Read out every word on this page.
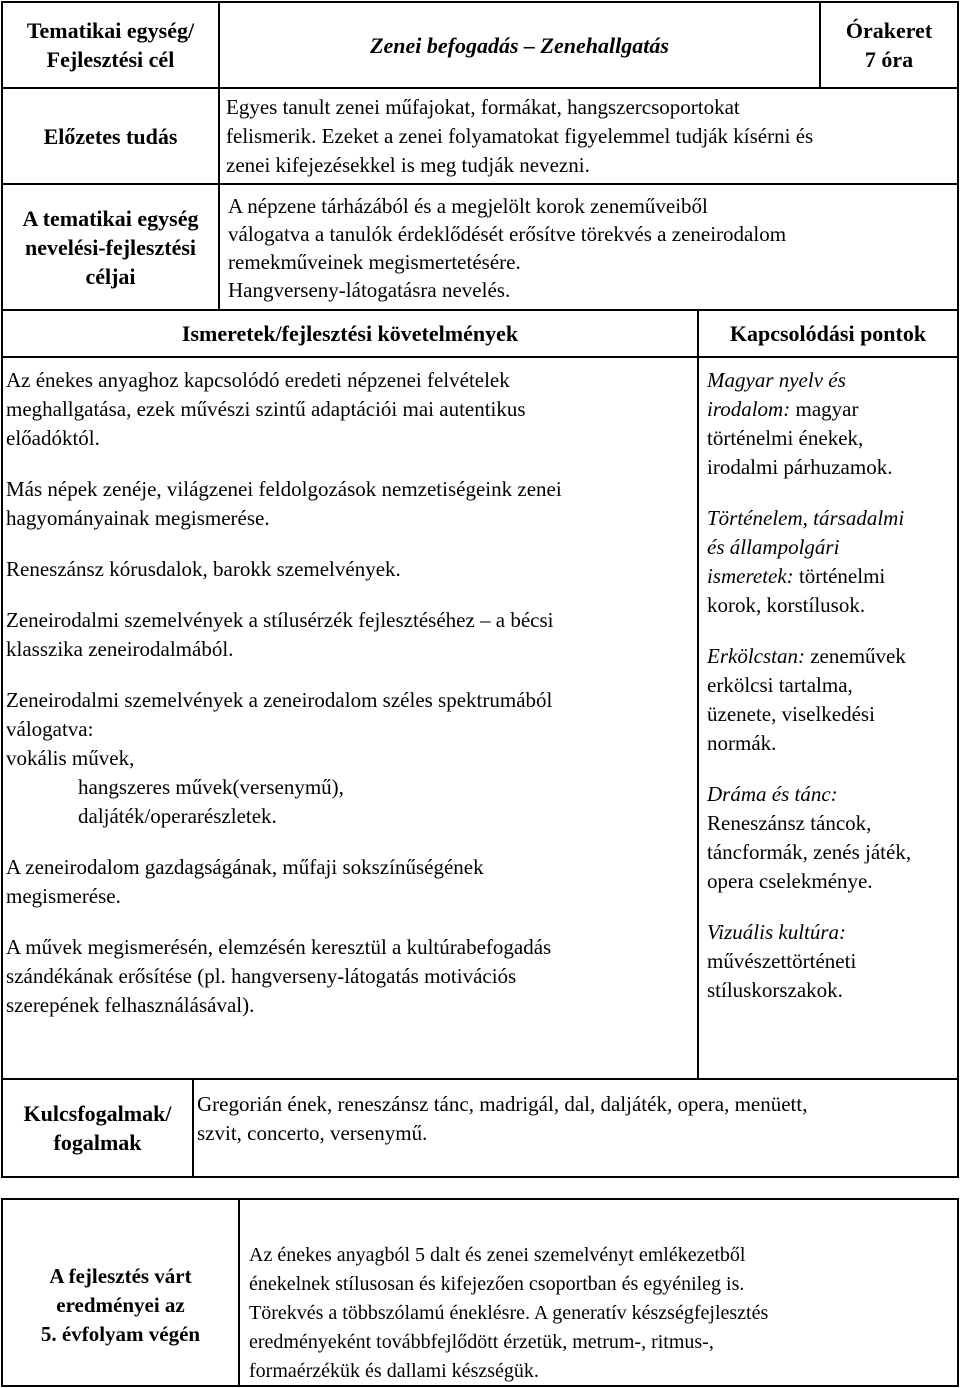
Tematikai egység/
Fejlesztési cél
Zenei befogadás – Zenehallgatás
Órakeret
7 óra
Előzetes tudás
Egyes tanult zenei műfajokat, formákat, hangszercsoportokat
felismerik. Ezeket a zenei folyamatokat figyelemmel tudják kísérni és
zenei kifejezésekkel is meg tudják nevezni.
A tematikai egység
nevelési-fejlesztési
céljai
A népzene tárházából és a megjelölt korok zeneműveiből
válogatva a tanulók érdeklődését erősítve törekvés a zeneirodalom
remekműveinek megismertetésére.
Hangverseny-látogatásra nevelés.
Ismeretek/fejlesztési követelmények	Kapcsolódási pontok
Az énekes anyaghoz kapcsolódó eredeti népzenei felvételek
meghallgatása, ezek művészi szintű adaptációi mai autentikus
előadóktól.
Más népek zenéje, világzenei feldolgozások nemzetiségeink zenei
hagyományainak megismerése.
Reneszánsz kórusdalok, barokk szemelvények.
Zeneirodalmi szemelvények a stílusérzék fejlesztéséhez – a bécsi
klasszika zeneirodalmából.
Zeneirodalmi szemelvények a zeneirodalom széles spektrumából
válogatva:
vokális művek,
hangszeres művek(versenymű),
daljáték/operarészletek.
A zeneirodalom gazdagságának, műfaji sokszínűségének
megismerése.
A művek megismerésén, elemzésén keresztül a kultúrabefogadás
szándékának erősítése (pl. hangverseny-látogatás motivációs
szerepének felhasználásával).
Magyar nyelv és
irodalom: magyar
történelmi énekek,
irodalmi párhuzamok.
Történelem, társadalmi
és állampolgári
ismeretek: történelmi
korok, korstílusok.
Erkölcstan: zeneművek
erkölcsi tartalma,
üzenete, viselkedési
normák.
Dráma és tánc:
Reneszánsz táncok,
táncformák, zenés játék,
opera cselekménye.
Vizuális kultúra:
művészettörténeti
stíluskorszakok.
Kulcsfogalmak/
fogalmak
Gregorián ének, reneszánsz tánc, madrigál, dal, daljáték, opera, menüett,
szvit, concerto, versenymű.
A fejlesztés várt
eredményei az
5. évfolyam végén
Az énekes anyagból 5 dalt és zenei szemelvényt emlékezetből
énekelnek stílusosan és kifejezően csoportban és egyénileg is.
Törekvés a többszólamú éneklésre. A generatív készségfejlesztés
eredményeként továbbfejlődött érzetük, metrum-, ritmus-,
formaérzékük és dallami készségük.
